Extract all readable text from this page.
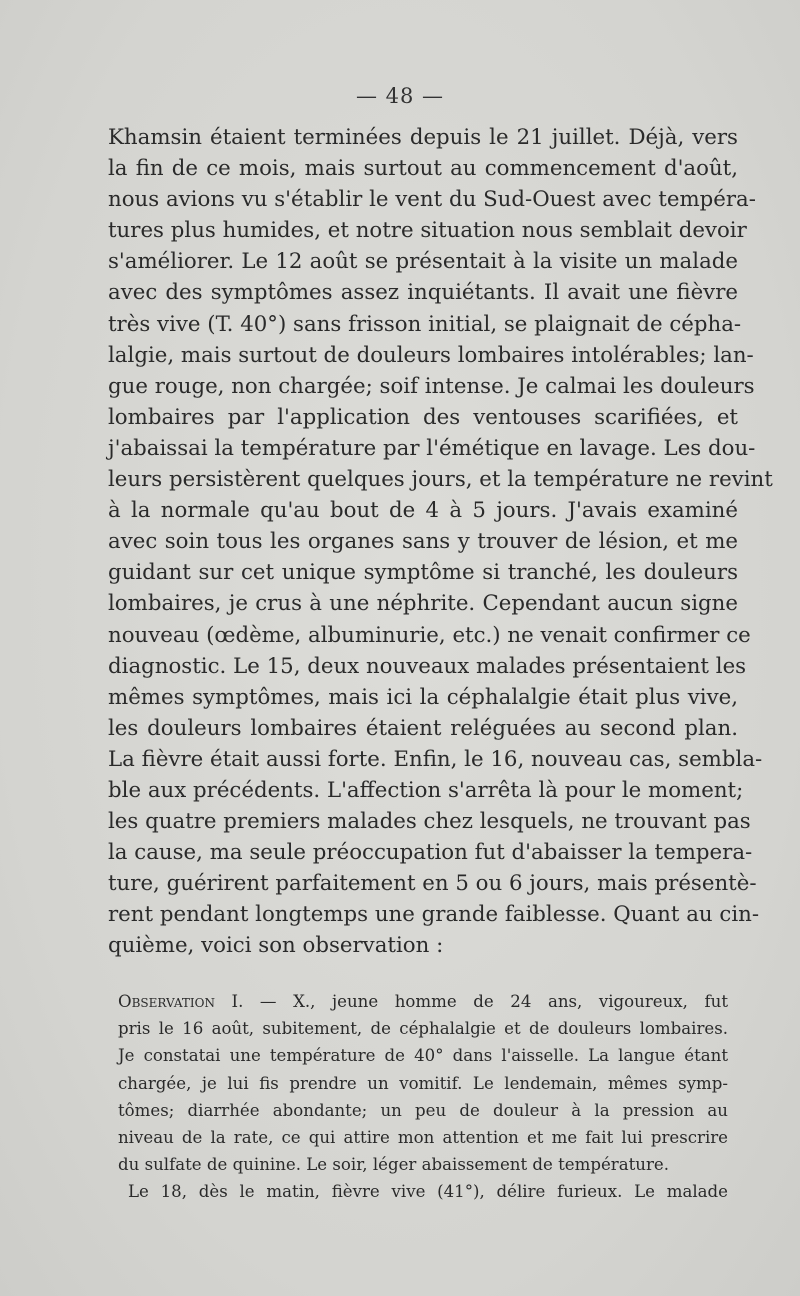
— 48 —
Khamsin étaient terminées depuis le 21 juillet. Déjà, vers
la fin de ce mois, mais surtout au commencement d'août,
nous avions vu s'établir le vent du Sud-Ouest avec tempéra-
tures plus humides, et notre situation nous semblait devoir
s'améliorer. Le 12 août se présentait à la visite un malade
avec des symptômes assez inquiétants. Il avait une fièvre
très vive (T. 40°) sans frisson initial, se plaignait de cépha-
lalgie, mais surtout de douleurs lombaires intolérables; lan-
gue rouge, non chargée; soif intense. Je calmai les douleurs
lombaires par l'application des ventouses scarifiées, et
j'abaissai la température par l'émétique en lavage. Les dou-
leurs persistèrent quelques jours, et la température ne revint
à la normale qu'au bout de 4 à 5 jours. J'avais examiné
avec soin tous les organes sans y trouver de lésion, et me
guidant sur cet unique symptôme si tranché, les douleurs
lombaires, je crus à une néphrite. Cependant aucun signe
nouveau (œdème, albuminurie, etc.) ne venait confirmer ce
diagnostic. Le 15, deux nouveaux malades présentaient les
mêmes symptômes, mais ici la céphalalgie était plus vive,
les douleurs lombaires étaient reléguées au second plan.
La fièvre était aussi forte. Enfin, le 16, nouveau cas, sembla-
ble aux précédents. L'affection s'arrêta là pour le moment;
les quatre premiers malades chez lesquels, ne trouvant pas
la cause, ma seule préoccupation fut d'abaisser la tempera-
ture, guérirent parfaitement en 5 ou 6 jours, mais présentè-
rent pendant longtemps une grande faiblesse. Quant au cin-
quième, voici son observation :
Observation I. — X., jeune homme de 24 ans, vigoureux, fut
pris le 16 août, subitement, de céphalalgie et de douleurs lombaires.
Je constatai une température de 40° dans l'aisselle. La langue étant
chargée, je lui fis prendre un vomitif. Le lendemain, mêmes symp-
tômes; diarrhée abondante; un peu de douleur à la pression au
niveau de la rate, ce qui attire mon attention et me fait lui prescrire
du sulfate de quinine. Le soir, léger abaissement de température.
Le 18, dès le matin, fièvre vive (41°), délire furieux. Le malade
